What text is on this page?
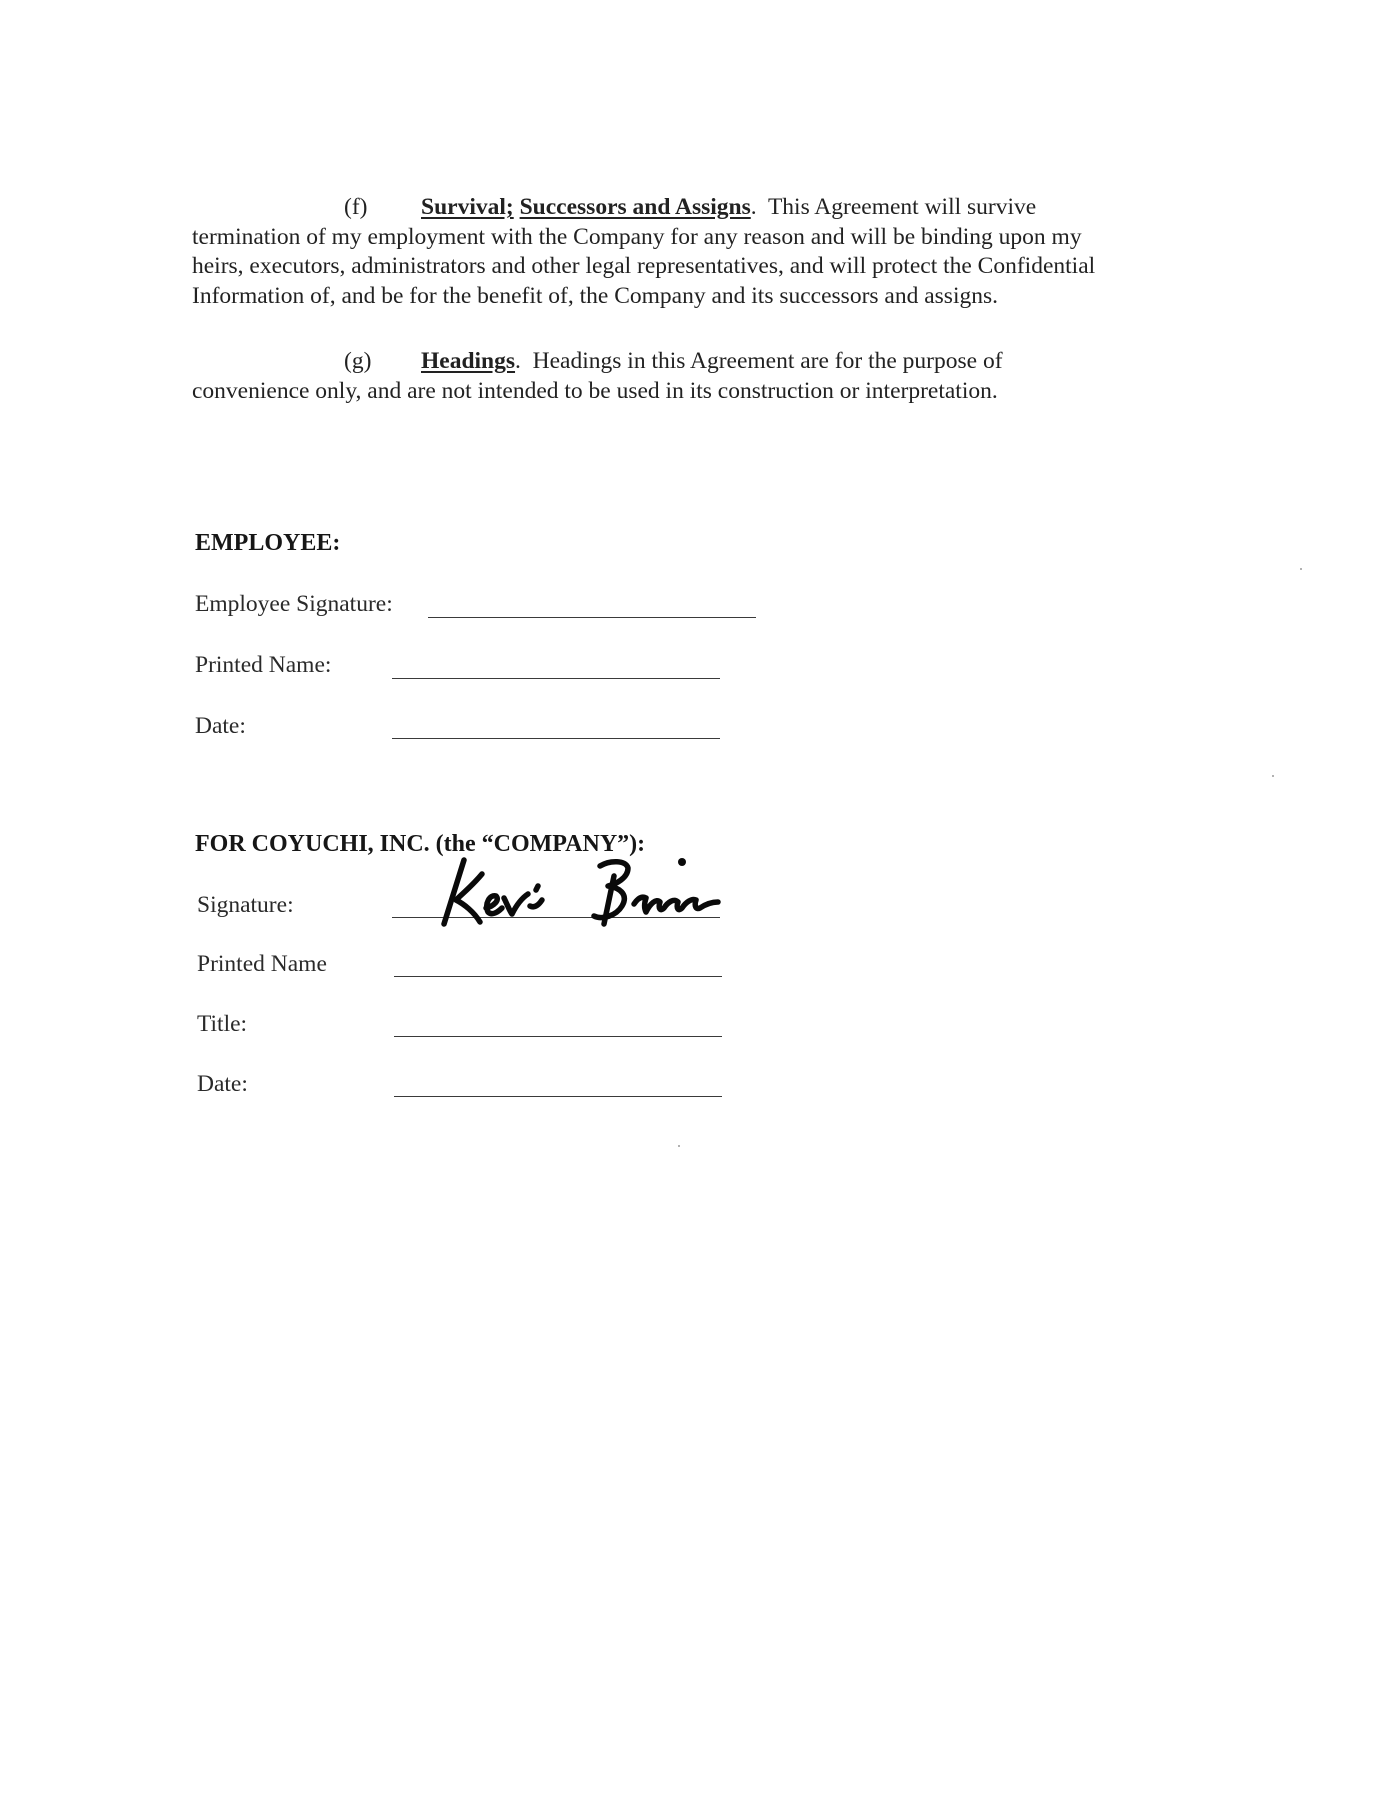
(f) Survival; Successors and Assigns. This Agreement will survive
termination of my employment with the Company for any reason and will be binding upon my
heirs, executors, administrators and other legal representatives, and will protect the Confidential
Information of, and be for the benefit of, the Company and its successors and assigns.
(g) Headings. Headings in this Agreement are for the purpose of
convenience only, and are not intended to be used in its construction or interpretation.
EMPLOYEE:
Employee Signature:
Printed Name:
Date:
FOR COYUCHI, INC. (the “COMPANY”):
Signature:
Printed Name
Title:
Date:
